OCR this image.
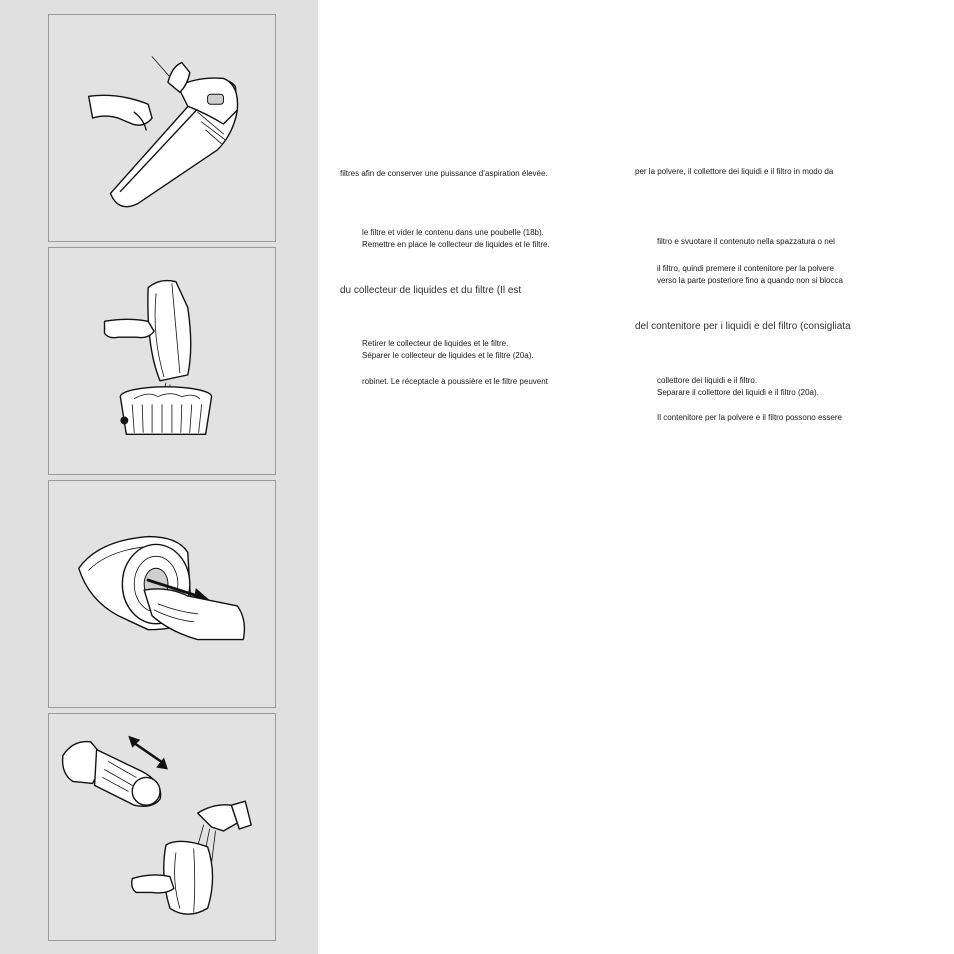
filtres afin de conserver une puissance d’aspiration élevée.
le filtre et vider le contenu dans une poubelle (18b).
Remettre en place le collecteur de liquides et le filtre.
du collecteur de liquides et du filtre (Il est
Retirer le collecteur de liquides et le filtre.
Séparer le collecteur de liquides et le filtre (20a).
robinet. Le réceptacle à poussière et le filtre peuvent
per la polvere, il collettore dei liquidi e il filtro in modo da
filtro e svuotare il contenuto nella spazzatura o nel
il filtro, quindi premere il contenitore per la polvere
verso la parte posteriore fino a quando non si blocca
del contenitore per i liquidi e del filtro (consigliata
collettore dei liquidi e il filtro.
Separare il collettore dei liquidi e il filtro (20a).
Il contenitore per la polvere e il filtro possono essere
